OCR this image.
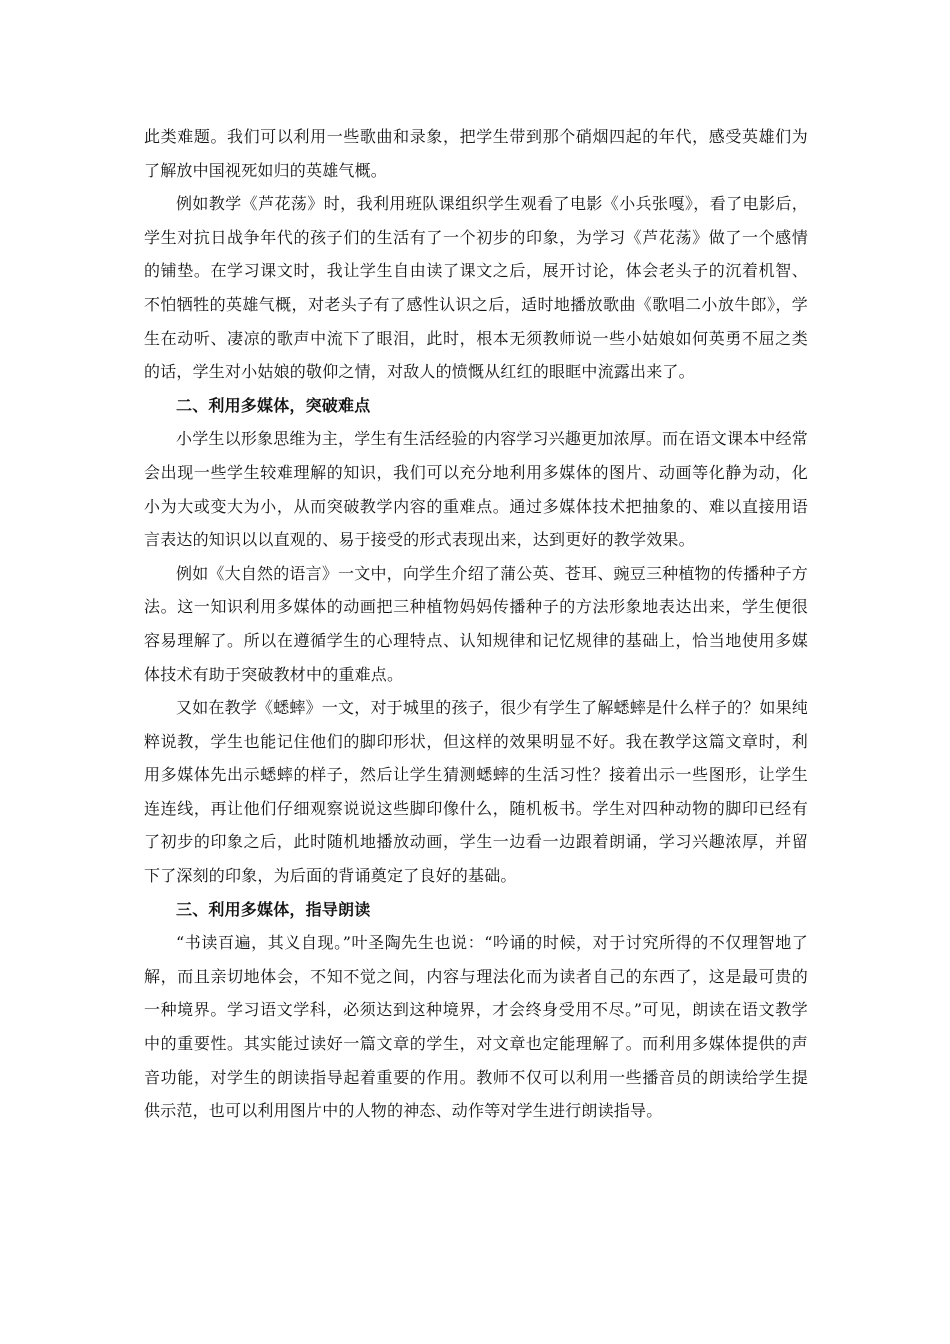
此类难题。我们可以利用一些歌曲和录象，把学生带到那个硝烟四起的年代，感受英雄们为了解放中国视死如归的英雄气概。

例如教学《芦花荡》时，我利用班队课组织学生观看了电影《小兵张嘎》，看了电影后，学生对抗日战争年代的孩子们的生活有了一个初步的印象，为学习《芦花荡》做了一个感情的铺垫。在学习课文时，我让学生自由读了课文之后，展开讨论，体会老头子的沉着机智、不怕牺牲的英雄气概，对老头子有了感性认识之后，适时地播放歌曲《歌唱二小放牛郎》，学生在动听、凄凉的歌声中流下了眼泪，此时，根本无须教师说一些小姑娘如何英勇不屈之类的话，学生对小姑娘的敬仰之情，对敌人的愤慨从红红的眼眶中流露出来了。

二、利用多媒体，突破难点

小学生以形象思维为主，学生有生活经验的内容学习兴趣更加浓厚。而在语文课本中经常会出现一些学生较难理解的知识，我们可以充分地利用多媒体的图片、动画等化静为动，化小为大或变大为小，从而突破教学内容的重难点。通过多媒体技术把抽象的、难以直接用语言表达的知识以以直观的、易于接受的形式表现出来，达到更好的教学效果。

例如《大自然的语言》一文中，向学生介绍了蒲公英、苍耳、豌豆三种植物的传播种子方法。这一知识利用多媒体的动画把三种植物妈妈传播种子的方法形象地表达出来，学生便很容易理解了。所以在遵循学生的心理特点、认知规律和记忆规律的基础上，恰当地使用多媒体技术有助于突破教材中的重难点。

又如在教学《蟋蟀》一文，对于城里的孩子，很少有学生了解蟋蟀是什么样子的？如果纯粹说教，学生也能记住他们的脚印形状，但这样的效果明显不好。我在教学这篇文章时，利用多媒体先出示蟋蟀的样子，然后让学生猜测蟋蟀的生活习性？接着出示一些图形，让学生连连线，再让他们仔细观察说说这些脚印像什么，随机板书。学生对四种动物的脚印已经有了初步的印象之后，此时随机地播放动画，学生一边看一边跟着朗诵，学习兴趣浓厚，并留下了深刻的印象，为后面的背诵奠定了良好的基础。

三、利用多媒体，指导朗读

“书读百遍，其义自现。”叶圣陶先生也说：“吟诵的时候，对于讨究所得的不仅理智地了解，而且亲切地体会，不知不觉之间，内容与理法化而为读者自己的东西了，这是最可贵的一种境界。学习语文学科，必须达到这种境界，才会终身受用不尽。”可见，朗读在语文教学中的重要性。其实能过读好一篇文章的学生，对文章也定能理解了。而利用多媒体提供的声音功能，对学生的朗读指导起着重要的作用。教师不仅可以利用一些播音员的朗读给学生提供示范，也可以利用图片中的人物的神态、动作等对学生进行朗读指导。
